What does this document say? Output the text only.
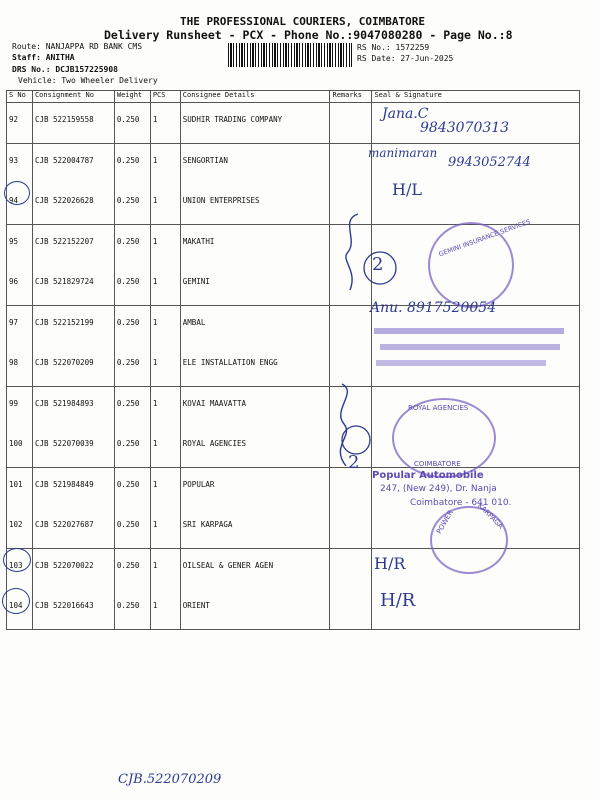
THE PROFESSIONAL COURIERS, COIMBATORE
Delivery Runsheet - PCX - Phone No.:9047080280 - Page No.:8
Route: NANJAPPA RD BANK CMS
Staff: ANITHA
DRS No.: DCJB157225908
Vehicle: Two Wheeler Delivery
RS No.: 1572259
RS Date: 27-Jun-2025
S No	Consignment No	Weight	PCS	Consignee Details	Remarks	Seal & Signature
92	CJB 522159558	0.250	1	SUDHIR TRADING COMPANY		
93	CJB 522004787	0.250	1	SENGORTIAN		
94	CJB 522026628	0.250	1	UNION ENTERPRISES		
95	CJB 522152207	0.250	1	MAKATHI		
96	CJB 521829724	0.250	1	GEMINI		
97	CJB 522152199	0.250	1	AMBAL		
98	CJB 522070209	0.250	1	ELE INSTALLATION ENGG		
99	CJB 521984893	0.250	1	KOVAI MAAVATTA		
100	CJB 522070039	0.250	1	ROYAL AGENCIES		
101	CJB 521984849	0.250	1	POPULAR		
102	CJB 522027687	0.250	1	SRI KARPAGA		
103	CJB 522070022	0.250	1	OILSEAL & GENER AGEN		
104	CJB 522016643	0.250	1	ORIENT		
Jana.C
9843070313
manimaran
9943052744
H/L
2
GEMINI INSURANCE SERVICES
Anu. 8917520054
2
ROYAL AGENCIES
COIMBATORE
Popular Automobile
247, (New 249), Dr. Nanja
Coimbatore - 641 010.
POWER	KARPAGA
H/R
H/R
CJB.522070209
